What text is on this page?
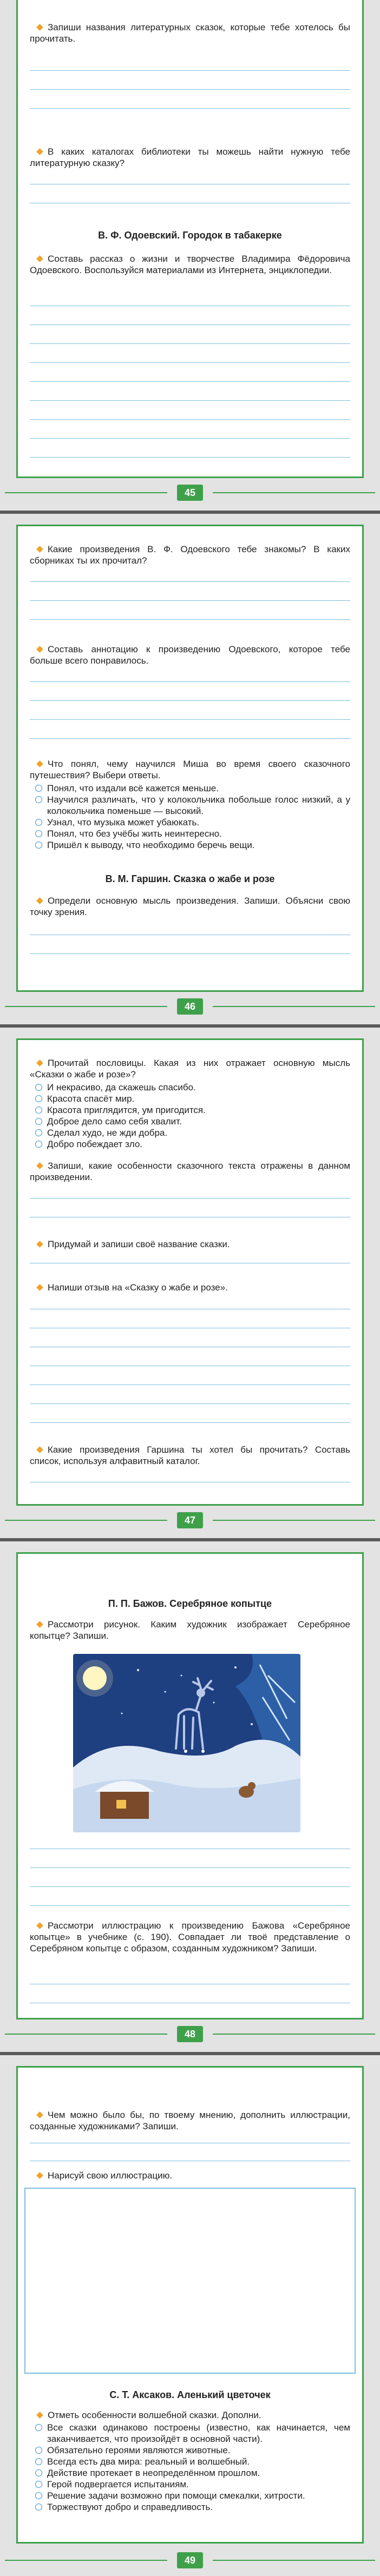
Запиши названия литературных сказок, которые тебе хотелось бы прочитать.
В каких каталогах библиотеки ты можешь найти нужную тебе литературную сказку?
В. Ф. Одоевский. Городок в табакерке
Составь рассказ о жизни и творчестве Владимира Фёдоровича Одоевского. Воспользуйся материалами из Интернета, энциклопедии.
45
Какие произведения В. Ф. Одоевского тебе знакомы? В каких сборниках ты их прочитал?
Составь аннотацию к произведению Одоевского, которое тебе больше всего понравилось.
Что понял, чему научился Миша во время своего сказочного путешествия? Выбери ответы.
Понял, что издали всё кажется меньше.
Научился различать, что у колокольчика побольше голос низкий, а у колокольчика поменьше — высокий.
Узнал, что музыка может убаюкать.
Понял, что без учёбы жить неинтересно.
Пришёл к выводу, что необходимо беречь вещи.
В. М. Гаршин. Сказка о жабе и розе
Определи основную мысль произведения. Запиши. Объясни свою точку зрения.
46
Прочитай пословицы. Какая из них отражает основную мысль «Сказки о жабе и розе»?
И некрасиво, да скажешь спасибо.
Красота спасёт мир.
Красота приглядится, ум пригодится.
Доброе дело само себя хвалит.
Сделал худо, не жди добра.
Добро побеждает зло.
Запиши, какие особенности сказочного текста отражены в данном произведении.
Придумай и запиши своё название сказки.
Напиши отзыв на «Сказку о жабе и розе».
Какие произведения Гаршина ты хотел бы прочитать? Составь список, используя алфавитный каталог.
47
П. П. Бажов. Серебряное копытце
Рассмотри рисунок. Каким художник изображает Серебряное копытце? Запиши.
Рассмотри иллюстрацию к произведению Бажова «Серебряное копытце» в учебнике (с. 190). Совпадает ли твоё представление о Серебряном копытце с образом, созданным художником? Запиши.
48
Чем можно было бы, по твоему мнению, дополнить иллюстрации, созданные художниками? Запиши.
Нарисуй свою иллюстрацию.
С. Т. Аксаков. Аленький цветочек
Отметь особенности волшебной сказки. Дополни.
Все сказки одинаково построены (известно, как начинается, чем заканчивается, что произойдёт в основной части).
Обязательно героями являются животные.
Всегда есть два мира: реальный и волшебный.
Действие протекает в неопределённом прошлом.
Герой подвергается испытаниям.
Решение задачи возможно при помощи смекалки, хитрости.
Торжествуют добро и справедливость.
49
